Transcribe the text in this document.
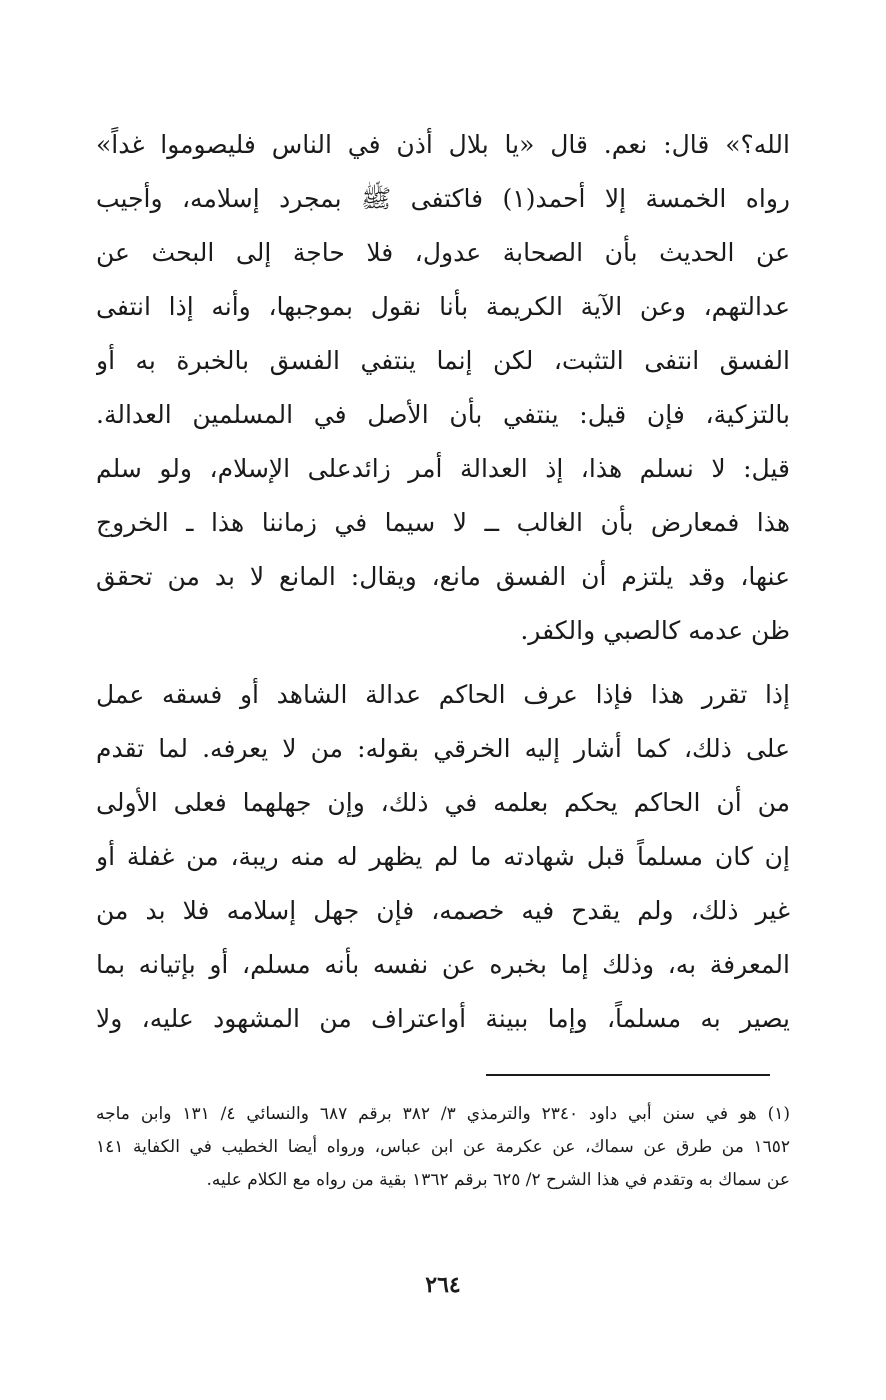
الله؟» قال: نعم. قال «يا بلال أذن في الناس فليصوموا غداً»
رواه الخمسة إلا أحمد(١) فاكتفى ﷺ بمجرد إسلامه، وأجيب
عن الحديث بأن الصحابة عدول، فلا حاجة إلى البحث عن
عدالتهم، وعن الآية الكريمة بأنا نقول بموجبها، وأنه إذا انتفى
الفسق انتفى التثبت، لكن إنما ينتفي الفسق بالخبرة به أو
بالتزكية، فإن قيل: ينتفي بأن الأصل في المسلمين العدالة.
قيل: لا نسلم هذا، إذ العدالة أمر زائدعلى الإسلام، ولو سلم
هذا فمعارض بأن الغالب ــ لا سيما في زماننا هذا ـ الخروج
عنها، وقد يلتزم أن الفسق مانع، ويقال: المانع لا بد من تحقق
ظن عدمه كالصبي والكفر.
إذا تقرر هذا فإذا عرف الحاكم عدالة الشاهد أو فسقه عمل
على ذلك، كما أشار إليه الخرقي بقوله: من لا يعرفه. لما تقدم
من أن الحاكم يحكم بعلمه في ذلك، وإن جهلهما فعلى الأولى
إن كان مسلماً قبل شهادته ما لم يظهر له منه ريبة، من غفلة أو
غير ذلك، ولم يقدح فيه خصمه، فإن جهل إسلامه فلا بد من
المعرفة به، وذلك إما بخبره عن نفسه بأنه مسلم، أو بإتيانه بما
يصير به مسلماً، وإما ببينة أواعتراف من المشهود عليه، ولا
(١) هو في سنن أبي داود ٢٣٤٠ والترمذي ٣/ ٣٨٢ برقم ٦٨٧ والنسائي ٤/ ١٣١ وابن ماجه
١٦٥٢ من طرق عن سماك، عن عكرمة عن ابن عباس، ورواه أيضا الخطيب في الكفاية ١٤١
عن سماك به وتقدم في هذا الشرح ٢/ ٦٢٥ برقم ١٣٦٢ بقية من رواه مع الكلام عليه.
٢٦٤
